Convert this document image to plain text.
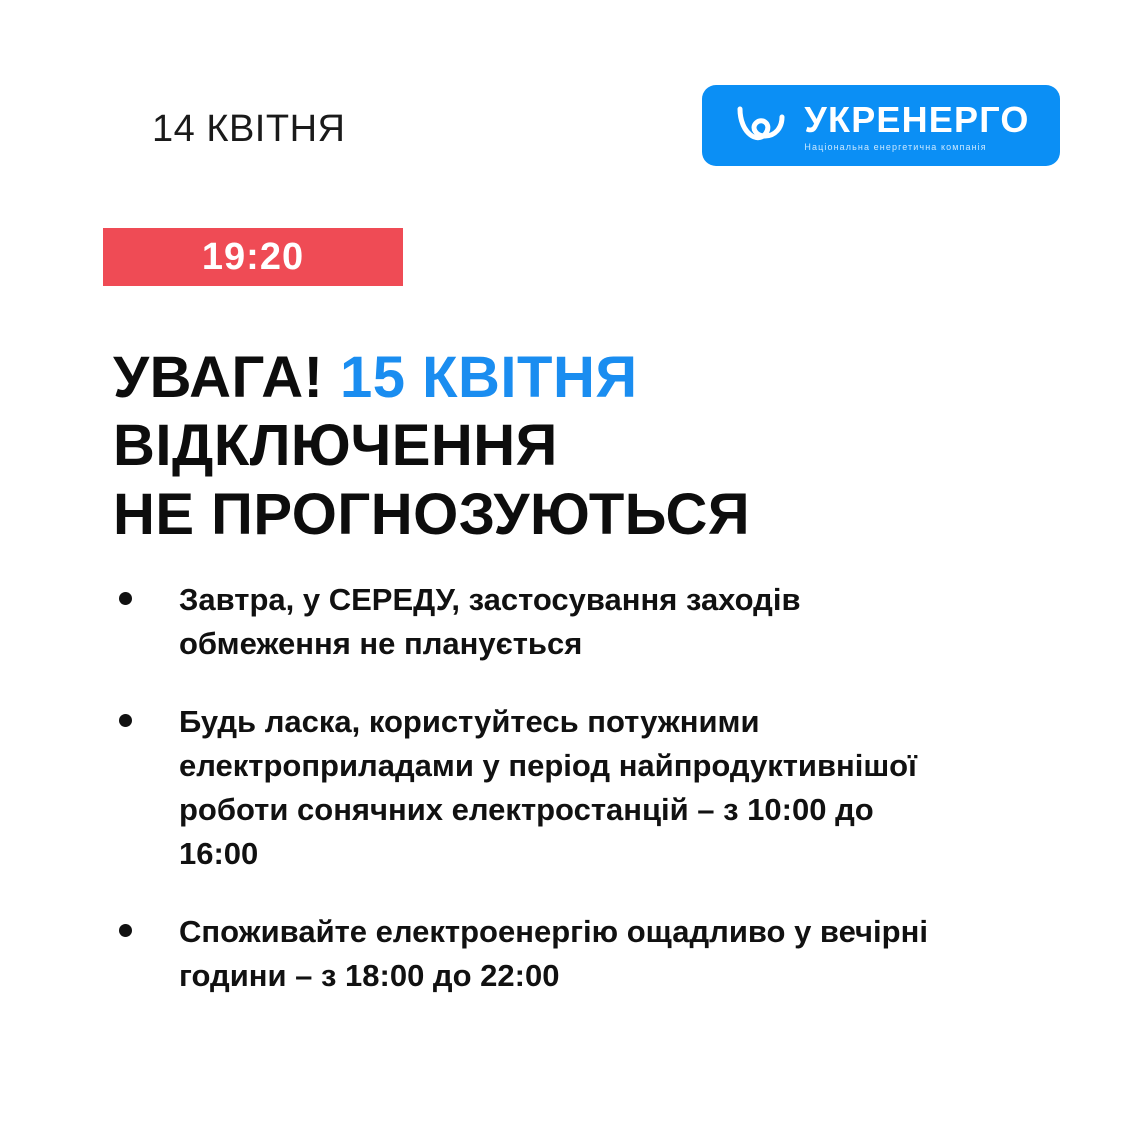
14 КВІТНЯ	УКРЕНЕРГО
Національна енергетична компанія
19:20
УВАГА! 15 КВІТНЯ
ВІДКЛЮЧЕННЯ
НЕ ПРОГНОЗУЮТЬСЯ
Завтра, у СЕРЕДУ, застосування заходів обмеження не планується
Будь ласка, користуйтесь потужними електроприладами у період найпродуктивнішої роботи сонячних електростанцій – з 10:00 до 16:00
Споживайте електроенергію ощадливо у вечірні години – з 18:00 до 22:00
